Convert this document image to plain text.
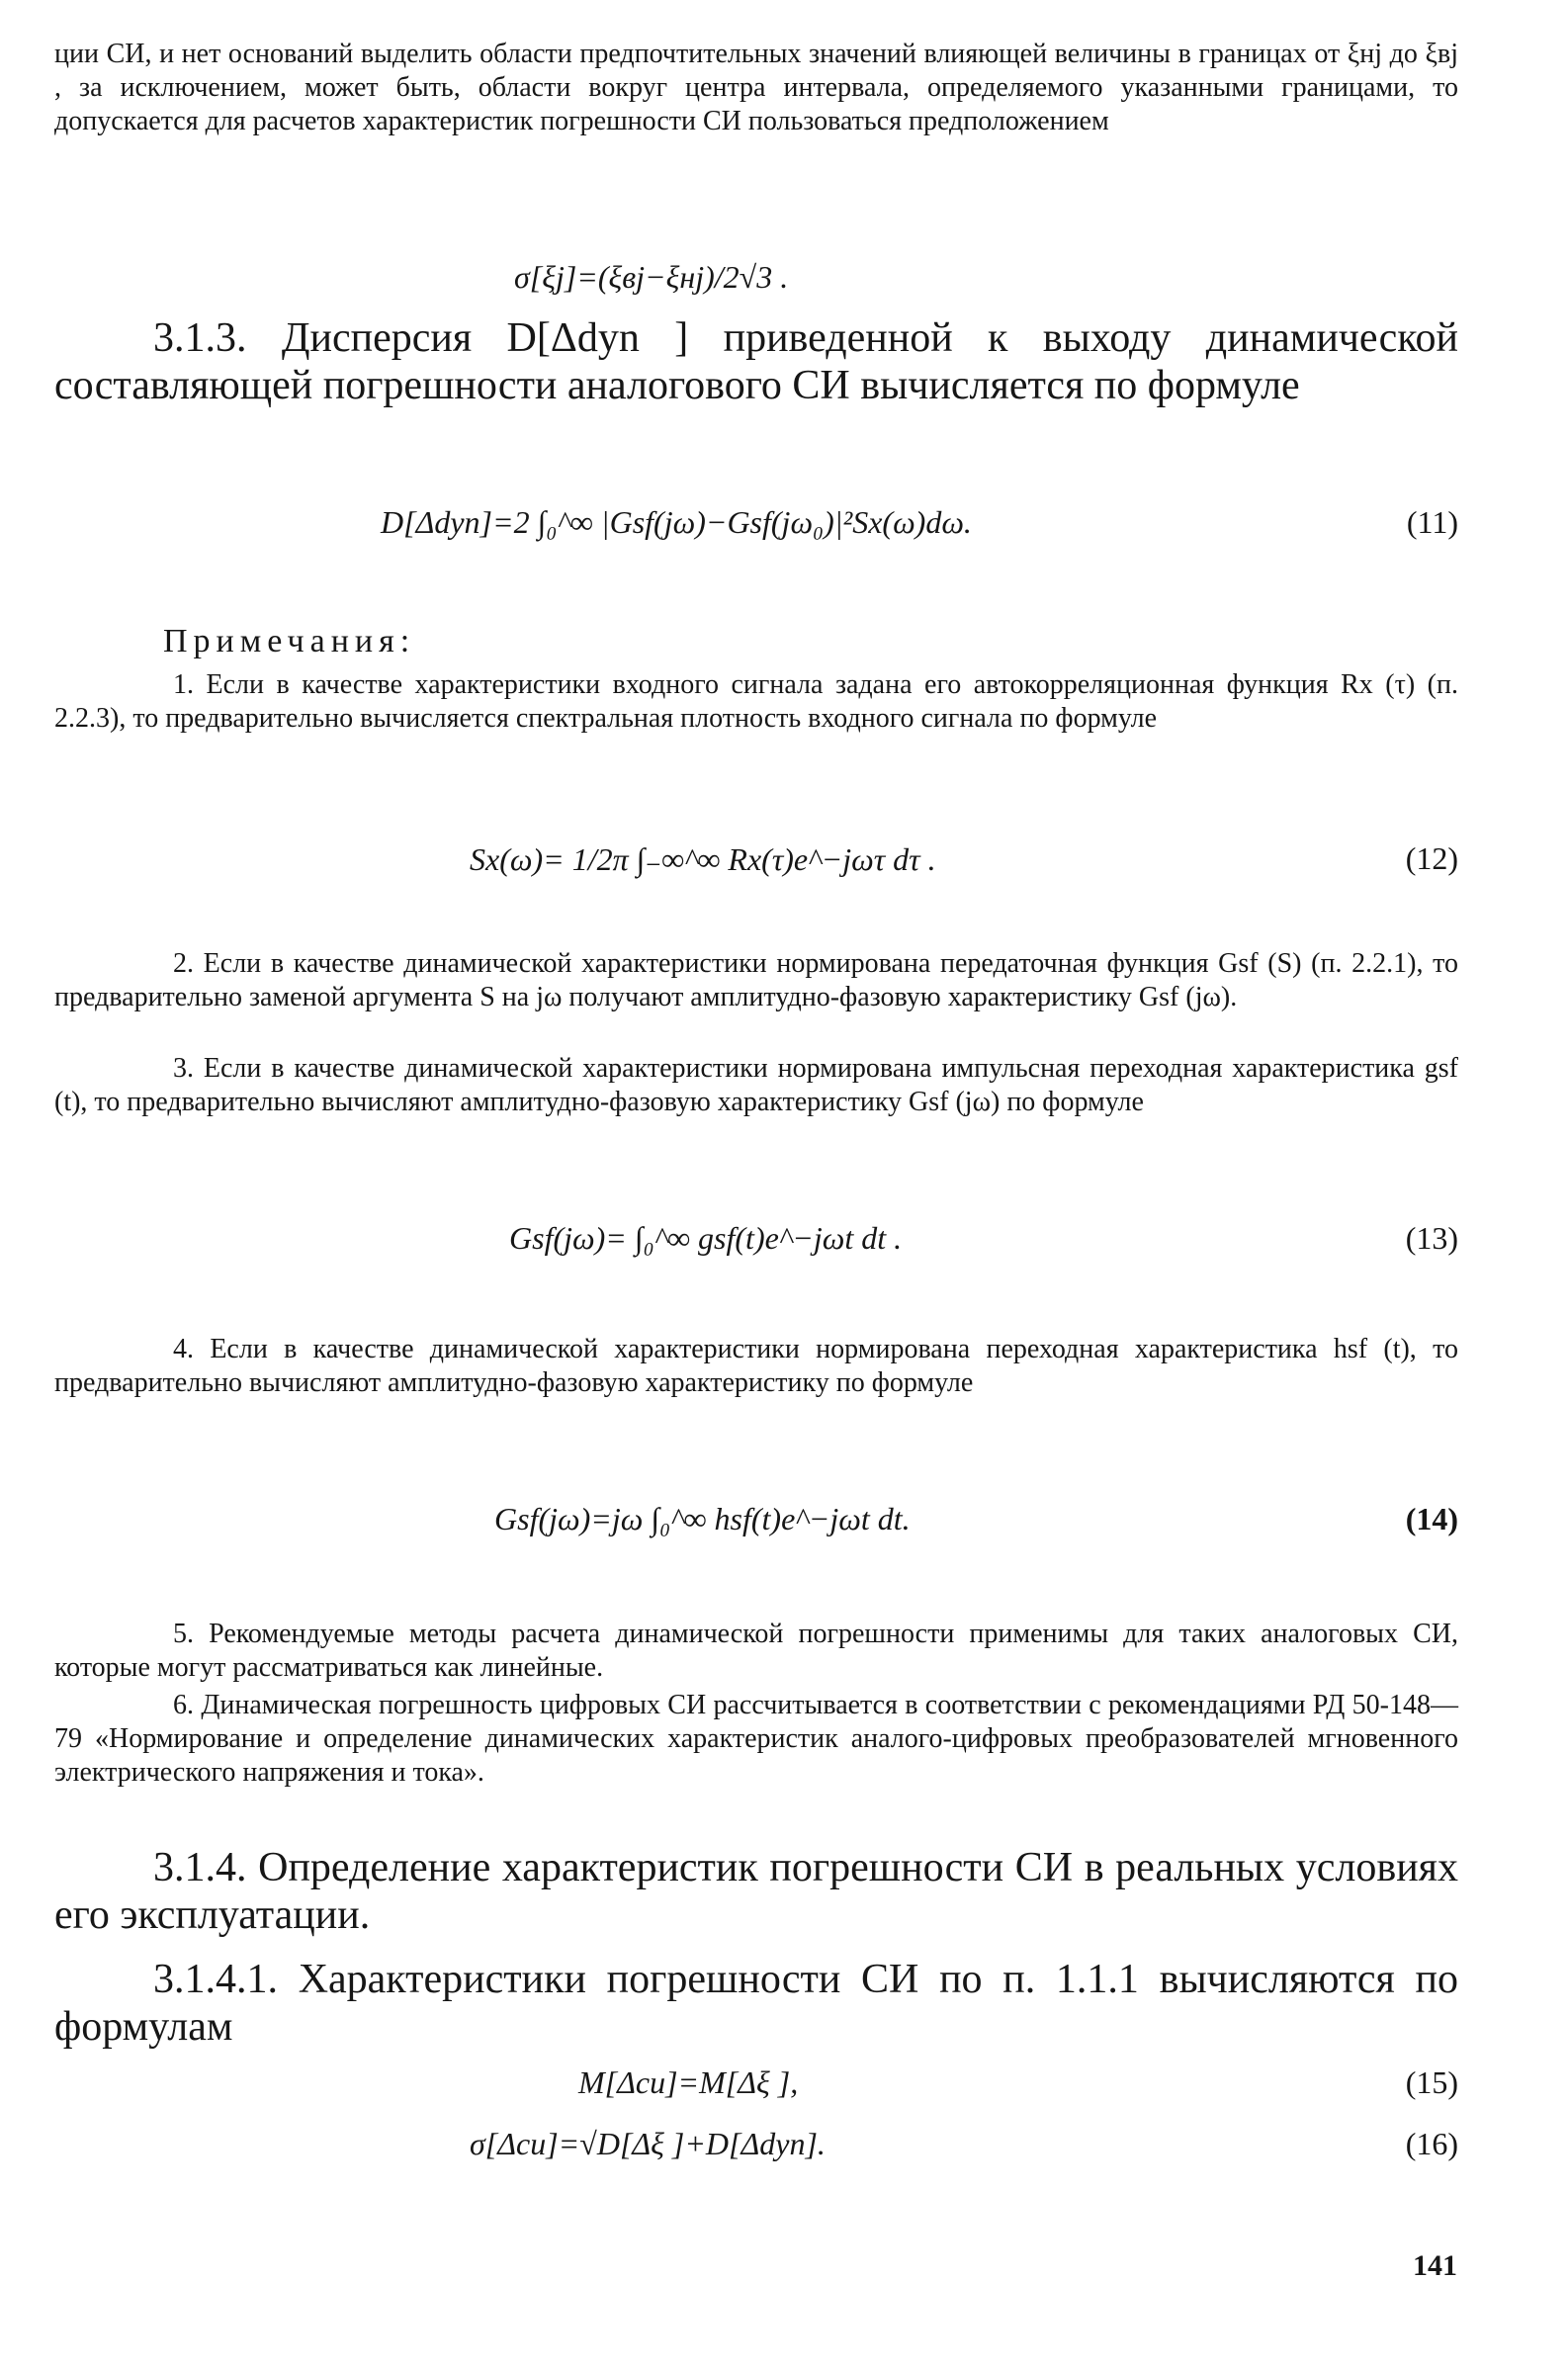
ции СИ, и нет оснований выделить области предпочтительных значений влияющей величины в границах от ξнj до ξвj , за исключением, может быть, области вокруг центра интервала, определяемого указанными границами, то допускается для расчетов характеристик погрешности СИ пользоваться предположением

σ[ξj]=(ξвj−ξнj)/2√3 .

3.1.3. Дисперсия D[Δdyn ] приведенной к выходу динамической составляющей погрешности аналогового СИ вычисляется по формуле

D[Δdyn]=2 ∫₀^∞ |Gsf(jω)−Gsf(jω₀)|²Sx(ω)dω.	(11)
Примечания:

1. Если в качестве характеристики входного сигнала задана его автокорреляционная функция Rx (τ) (п. 2.2.3), то предварительно вычисляется спектральная плотность входного сигнала по формуле

Sx(ω)= 1/2π ∫₋∞^∞ Rx(τ)e^−jωτ dτ .	(12)

2. Если в качестве динамической характеристики нормирована передаточная функция Gsf (S) (п. 2.2.1), то предварительно заменой аргумента S на jω получают амплитудно-фазовую характеристику Gsf (jω).

3. Если в качестве динамической характеристики нормирована импульсная переходная характеристика gsf (t), то предварительно вычисляют амплитудно-фазовую характеристику Gsf (jω) по формуле

Gsf(jω)= ∫₀^∞ gsf(t)e^−jωt dt .	(13)

4. Если в качестве динамической характеристики нормирована переходная характеристика hsf (t), то предварительно вычисляют амплитудно-фазовую характеристику по формуле

Gsf(jω)=jω ∫₀^∞ hsf(t)e^−jωt dt.	(14)

5. Рекомендуемые методы расчета динамической погрешности применимы для таких аналоговых СИ, которые могут рассматриваться как линейные.

6. Динамическая погрешность цифровых СИ рассчитывается в соответствии с рекомендациями РД 50-148—79 «Нормирование и определение динамических характеристик аналого-цифровых преобразователей мгновенного электрического напряжения и тока».

3.1.4. Определение характеристик погрешности СИ в реальных условиях его эксплуатации.

3.1.4.1. Характеристики погрешности СИ по п. 1.1.1 вычисляются по формулам

M[Δси]=M[Δξ ],	(15)
σ[Δси]=√D[Δξ ]+D[Δdyn].	(16)
141
